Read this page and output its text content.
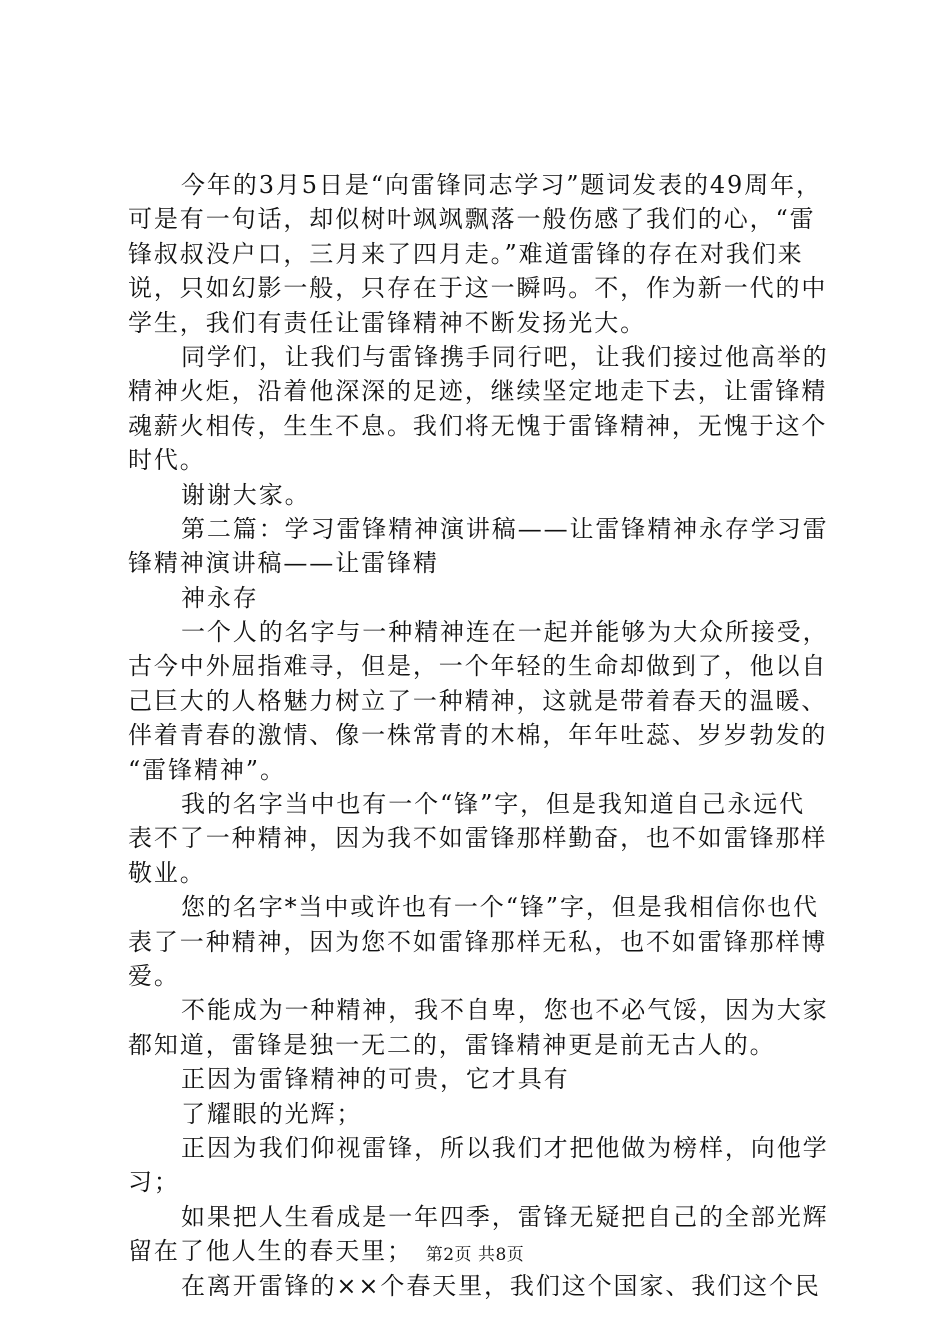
今年的3月5日是“向雷锋同志学习”题词发表的49周年，
可是有一句话，却似树叶飒飒飘落一般伤感了我们的心，“雷
锋叔叔没户口，三月来了四月走。”难道雷锋的存在对我们来
说，只如幻影一般，只存在于这一瞬吗。不，作为新一代的中
学生，我们有责任让雷锋精神不断发扬光大。
同学们，让我们与雷锋携手同行吧，让我们接过他高举的
精神火炬，沿着他深深的足迹，继续坚定地走下去，让雷锋精
魂薪火相传，生生不息。我们将无愧于雷锋精神，无愧于这个
时代。
谢谢大家。
第二篇：学习雷锋精神演讲稿——让雷锋精神永存学习雷
锋精神演讲稿——让雷锋精
神永存
一个人的名字与一种精神连在一起并能够为大众所接受，
古今中外屈指难寻，但是，一个年轻的生命却做到了，他以自
己巨大的人格魅力树立了一种精神，这就是带着春天的温暖、
伴着青春的激情、像一株常青的木棉，年年吐蕊、岁岁勃发的
“雷锋精神”。
我的名字当中也有一个“锋”字，但是我知道自己永远代
表不了一种精神，因为我不如雷锋那样勤奋，也不如雷锋那样
敬业。
您的名字*当中或许也有一个“锋”字，但是我相信你也代
表了一种精神，因为您不如雷锋那样无私，也不如雷锋那样博
爱。
不能成为一种精神，我不自卑，您也不必气馁，因为大家
都知道，雷锋是独一无二的，雷锋精神更是前无古人的。
正因为雷锋精神的可贵，它才具有
了耀眼的光辉；
正因为我们仰视雷锋，所以我们才把他做为榜样，向他学
习；
如果把人生看成是一年四季，雷锋无疑把自己的全部光辉
留在了他人生的春天里；
在离开雷锋的××个春天里，我们这个国家、我们这个民
第2页 共8页
